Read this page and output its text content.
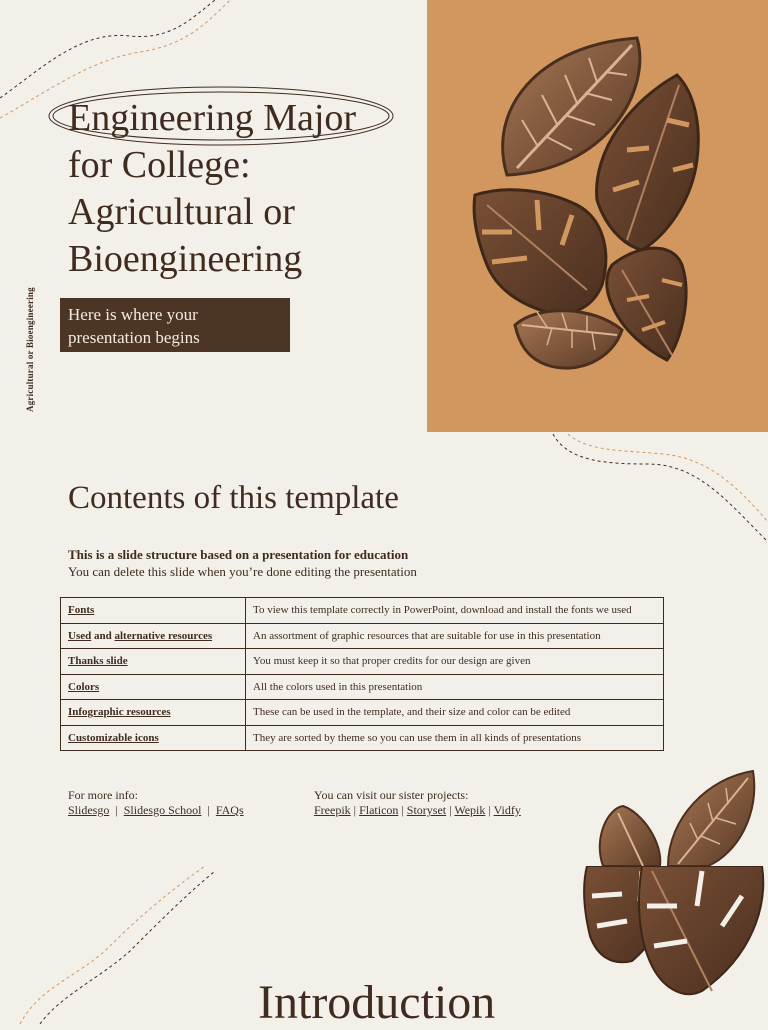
Engineering Major for College: Agricultural or Bioengineering
Here is where your presentation begins
Agricultural or Bioengineering
Contents of this template
This is a slide structure based on a presentation for education
You can delete this slide when you’re done editing the presentation
Fonts	To view this template correctly in PowerPoint, download and install the fonts we used
Used and alternative resources	An assortment of graphic resources that are suitable for use in this presentation
Thanks slide	You must keep it so that proper credits for our design are given
Colors	All the colors used in this presentation
Infographic resources	These can be used in the template, and their size and color can be edited
Customizable icons	They are sorted by theme so you can use them in all kinds of presentations
For more info:
Slidesgo | Slidesgo School | FAQs
You can visit our sister projects:
Freepik | Flaticon | Storyset | Wepik | Vidfy
Introduction
